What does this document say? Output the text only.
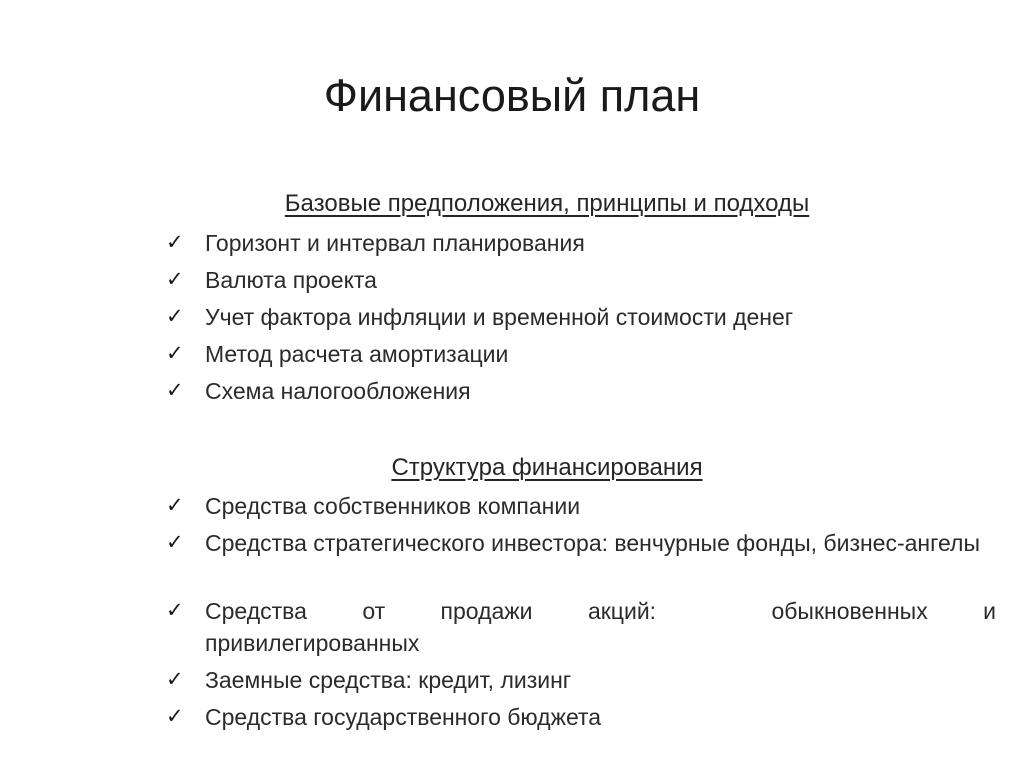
Финансовый план
Базовые предположения, принципы и подходы
✓ Горизонт и интервал планирования
✓ Валюта проекта
✓ Учет фактора инфляции и временной стоимости денег
✓ Метод расчета амортизации
✓ Схема налогообложения
Структура финансирования
✓ Средства собственников компании
✓ Средства стратегического инвестора: венчурные фонды, бизнес-ангелы
✓ Средства от продажи акций:	обыкновенных и
привилегированных
✓ Заемные средства: кредит, лизинг
✓ Средства государственного бюджета
